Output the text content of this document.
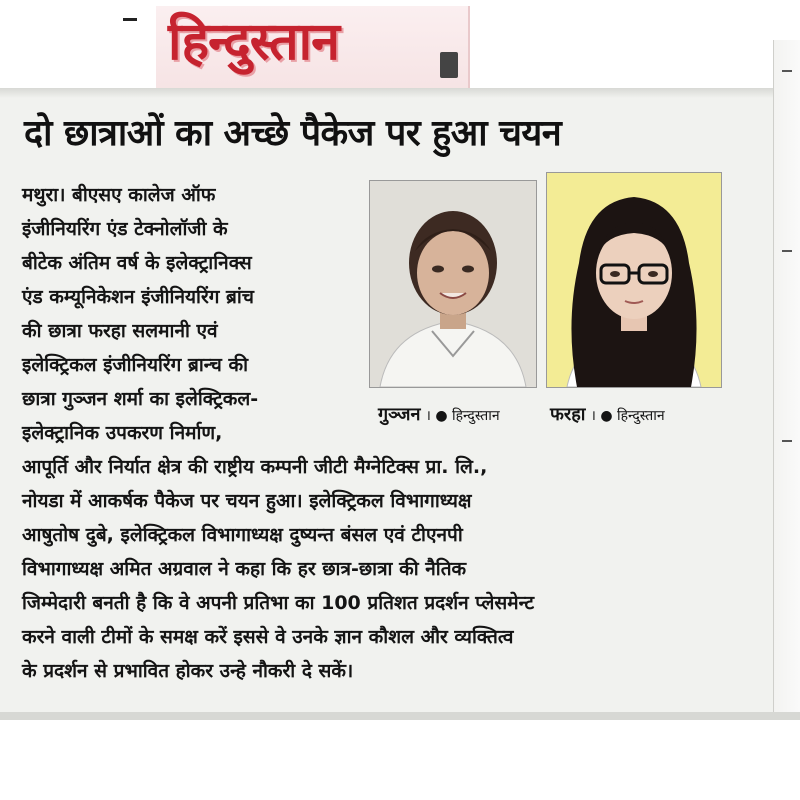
हिन्दुस्तान
दो छात्राओं का अच्छे पैकेज पर हुआ चयन
मथुरा। बीएसए कालेज ऑफ
इंजीनियरिंग एंड टेक्नोलॉजी के
बीटेक अंतिम वर्ष के इलेक्ट्रानिक्स
एंड कम्यूनिकेशन इंजीनियरिंग ब्रांच
की छात्रा फरहा सलमानी एवं
इलेक्ट्रिकल इंजीनियरिंग ब्रान्च की
छात्रा गुञ्जन शर्मा का इलेक्ट्रिकल-
इलेक्ट्रानिक उपकरण निर्माण,
आपूर्ति और निर्यात क्षेत्र की राष्ट्रीय कम्पनी जीटी मैग्नेटिक्स प्रा. लि.,
नोयडा में आकर्षक पैकेज पर चयन हुआ। इलेक्ट्रिकल विभागाध्यक्ष
आषुतोष दुबे, इलेक्ट्रिकल विभागाध्यक्ष दुष्यन्त बंसल एवं टीएनपी
विभागाध्यक्ष अमित अग्रवाल ने कहा कि हर छात्र-छात्रा की नैतिक
जिम्मेदारी बनती है कि वे अपनी प्रतिभा का 100 प्रतिशत प्रदर्शन प्लेसमेन्ट
करने वाली टीमों के समक्ष करें इससे वे उनके ज्ञान कौशल और व्यक्तित्व
के प्रदर्शन से प्रभावित होकर उन्हे नौकरी दे सकें।
गुञ्जन । ● हिन्दुस्तान	फरहा । ● हिन्दुस्तान
